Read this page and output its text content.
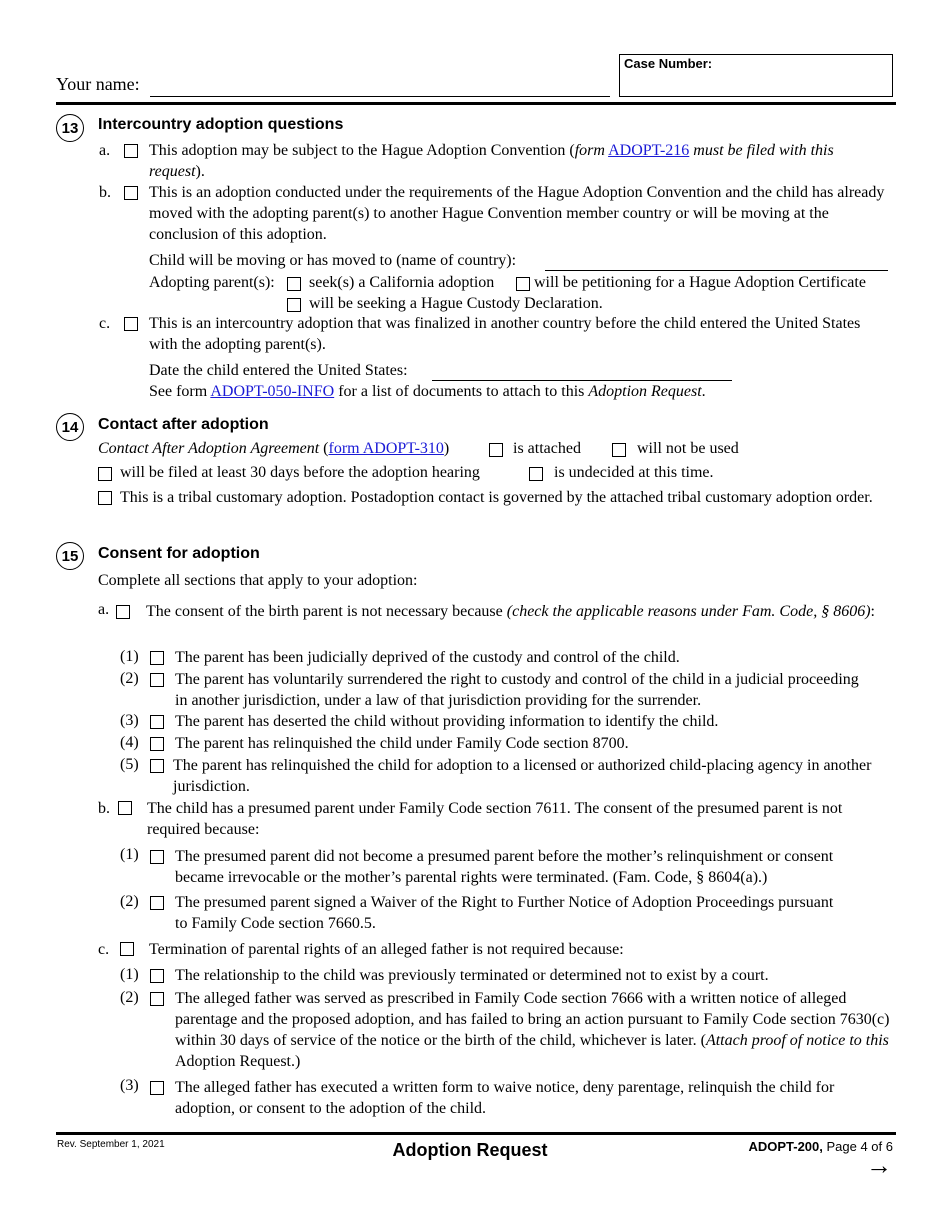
Your name:
Case Number:
13	Intercountry adoption questions
a. This adoption may be subject to the Hague Adoption Convention (form ADOPT-216 must be filed with this request).
b. This is an adoption conducted under the requirements of the Hague Adoption Convention and the child has already moved with the adopting parent(s) to another Hague Convention member country or will be moving at the conclusion of this adoption.
Child will be moving or has moved to (name of country):
Adopting parent(s): seek(s) a California adoption will be petitioning for a Hague Adoption Certificate
will be seeking a Hague Custody Declaration.
c. This is an intercountry adoption that was finalized in another country before the child entered the United States with the adopting parent(s).
Date the child entered the United States:
See form ADOPT-050-INFO for a list of documents to attach to this Adoption Request.
14	Contact after adoption
Contact After Adoption Agreement (form ADOPT-310)	is attached	will not be used
will be filed at least 30 days before the adoption hearing	is undecided at this time.
This is a tribal customary adoption. Postadoption contact is governed by the attached tribal customary adoption order.
15	Consent for adoption
Complete all sections that apply to your adoption:
a. The consent of the birth parent is not necessary because (check the applicable reasons under Fam. Code, § 8606):
(1) The parent has been judicially deprived of the custody and control of the child.
(2) The parent has voluntarily surrendered the right to custody and control of the child in a judicial proceeding in another jurisdiction, under a law of that jurisdiction providing for the surrender.
(3) The parent has deserted the child without providing information to identify the child.
(4) The parent has relinquished the child under Family Code section 8700.
(5) The parent has relinquished the child for adoption to a licensed or authorized child-placing agency in another jurisdiction.
b. The child has a presumed parent under Family Code section 7611. The consent of the presumed parent is not required because:
(1) The presumed parent did not become a presumed parent before the mother’s relinquishment or consent became irrevocable or the mother’s parental rights were terminated. (Fam. Code, § 8604(a).)
(2) The presumed parent signed a Waiver of the Right to Further Notice of Adoption Proceedings pursuant to Family Code section 7660.5.
c. Termination of parental rights of an alleged father is not required because:
(1) The relationship to the child was previously terminated or determined not to exist by a court.
(2) The alleged father was served as prescribed in Family Code section 7666 with a written notice of alleged parentage and the proposed adoption, and has failed to bring an action pursuant to Family Code section 7630(c) within 30 days of service of the notice or the birth of the child, whichever is later. (Attach proof of notice to this Adoption Request.)
(3) The alleged father has executed a written form to waive notice, deny parentage, relinquish the child for adoption, or consent to the adoption of the child.
Rev. September 1, 2021	Adoption Request	ADOPT-200, Page 4 of 6
→
